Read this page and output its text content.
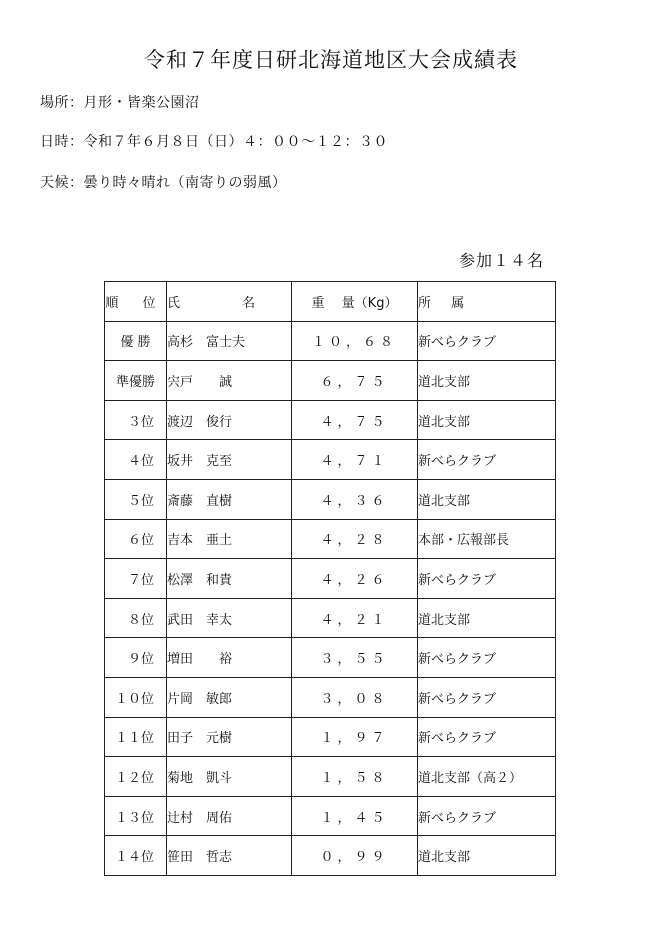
令和７年度日研北海道地区大会成績表
場所：月形・皆楽公園沼
日時：令和７年６月８日（日）４：００～１２：３０
天候：曇り時々晴れ（南寄りの弱風）
参加１４名
順 位	氏 名	重　 量（Kg）	所 属
優 勝	高杉　富士夫	１０，６８	新べらクラブ
準優勝	宍戸　　誠	６，７５	道北支部
３位	渡辺　俊行	４，７５	道北支部
４位	坂井　克至	４，７１	新べらクラブ
５位	斎藤　直樹	４，３６	道北支部
６位	吉本　亜土	４，２８	本部・広報部長
７位	松澤　和貴	４，２６	新べらクラブ
８位	武田　幸太	４，２１	道北支部
９位	増田　　裕	３，５５	新べらクラブ
１０位	片岡　敏郎	３，０８	新べらクラブ
１１位	田子　元樹	１，９７	新べらクラブ
１２位	菊地　凱斗	１，５８	道北支部（高２）
１３位	辻村　周佑	１，４５	新べらクラブ
１４位	笹田　哲志	０，９９	道北支部
